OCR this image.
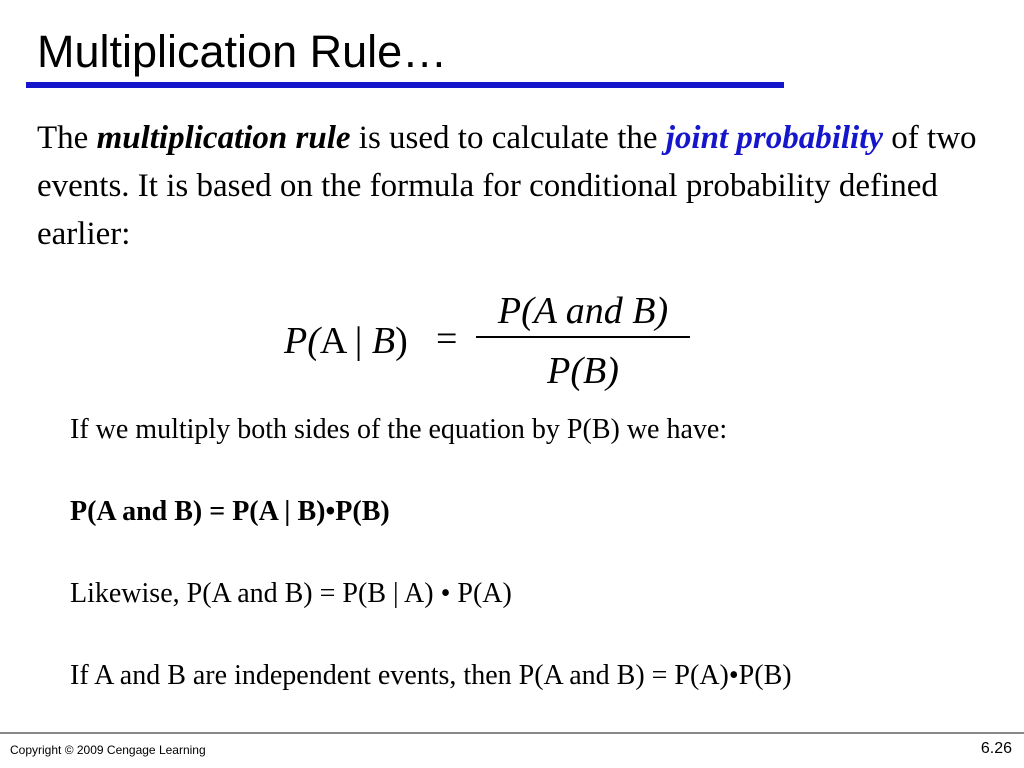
Multiplication Rule…

The multiplication rule is used to calculate the joint probability of two events. It is based on the formula for conditional probability defined earlier:

P(A | B) =
P(A and B)
P(B)

If we multiply both sides of the equation by P(B) we have:

P(A and B) = P(A | B)•P(B)

Likewise, P(A and B) = P(B | A) • P(A)

If A and B are independent events, then P(A and B) = P(A)•P(B)

Copyright © 2009 Cengage Learning	6.26
